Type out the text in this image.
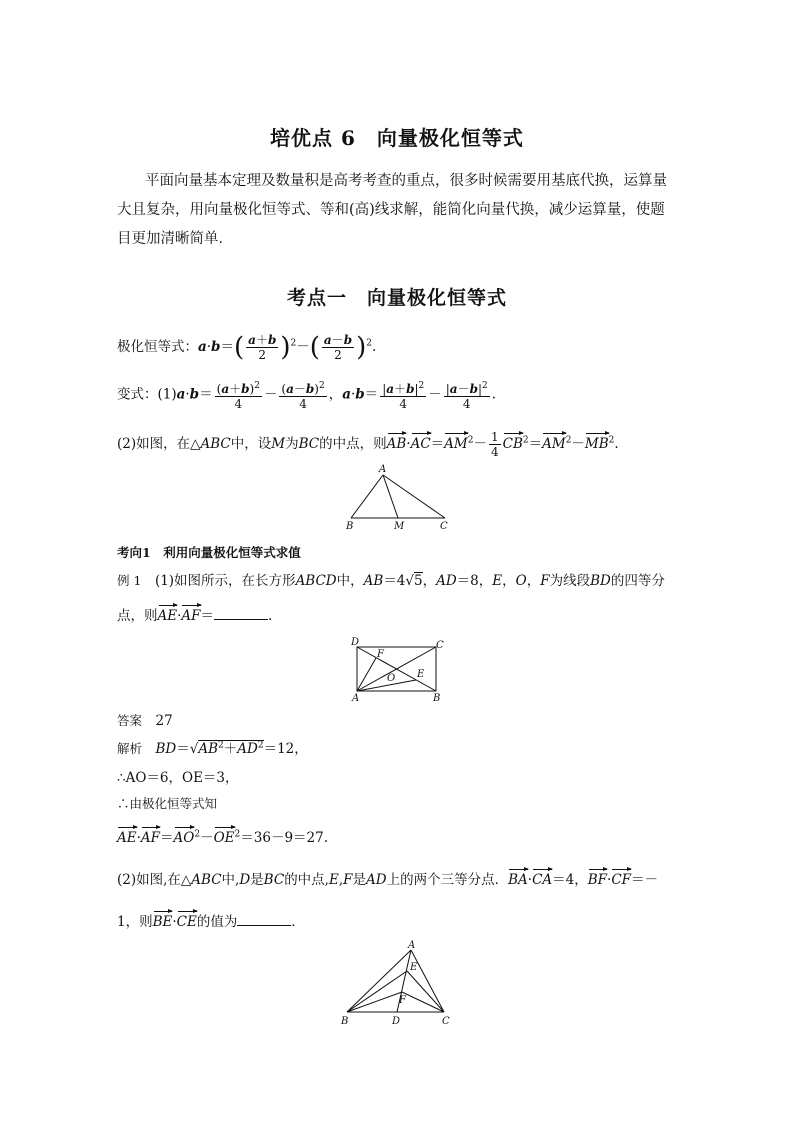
培优点 6　向量极化恒等式
平面向量基本定理及数量积是高考考查的重点，很多时候需要用基底代换，运算量大且复杂，用向量极化恒等式、等和(高)线求解，能简化向量代换，减少运算量，使题目更加清晰简单．
考点一　向量极化恒等式
极化恒等式：$a\cdot b=( \frac{a+b}{2} )^2-( \frac{a-b}{2} )^2$.
变式：$(1)a\cdot b= \frac{(a+b)^2}{4} - \frac{(a-b)^2}{4}$ ，$a\cdot b= \frac{|a+b|^2}{4} - \frac{|a-b|^2}{4}$ .
(2)如图，在△ABC中，设M为BC的中点，则$AB\cdot AC=AM^2- \frac{1}{4} CB^2=AM^2-MB^2$.
A
B	M	C
考向1　利用向量极化恒等式求值
例 1　 (1)如图所示，在长方形ABCD中，AB＝4√5，AD＝8，E，O，F为线段BD的四等分
点，则AE·AF＝	.
D	C
F
O E
A	B
答案　 27
解析　 $BD=√AB^2+AD^2=12$，
∴AO＝6，OE＝3，
∴由极化恒等式知
$AE\cdot AF=AO^2-OE^2=36-9=27$.
(2)如图,在△ABC中,D是BC的中点,E,F是AD上的两个三等分点．BA·CA＝4，BF·CF＝－
1，则BE·CE的值为	．
A
E
F
B	D	C
